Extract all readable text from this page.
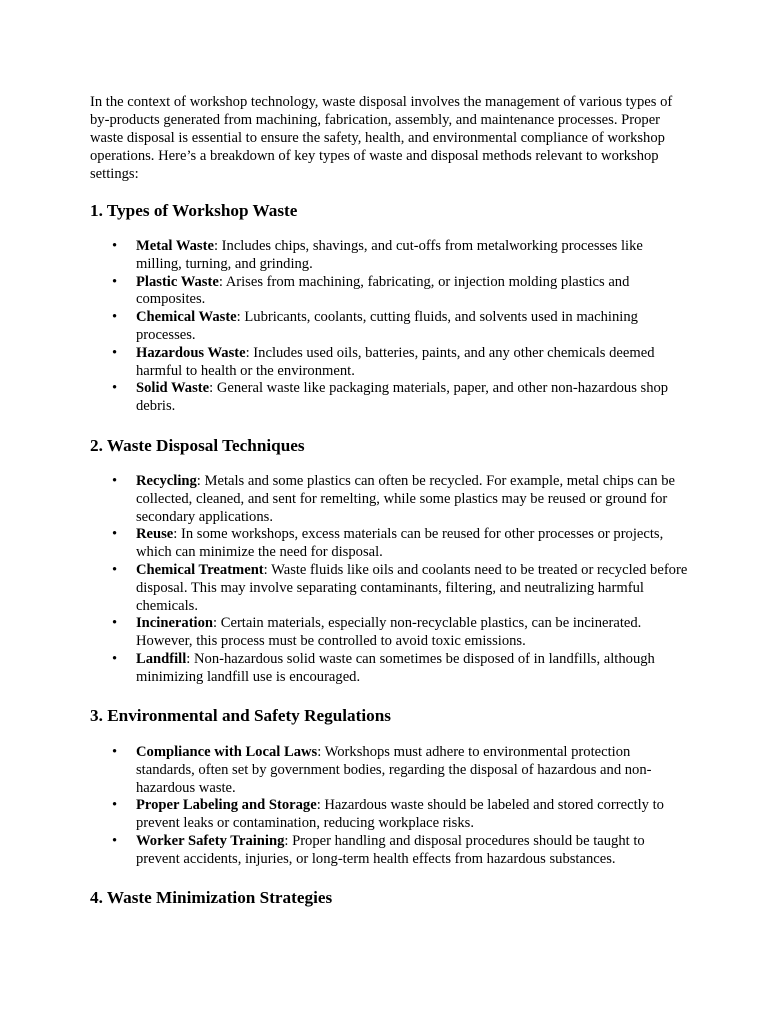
In the context of workshop technology, waste disposal involves the management of various types of by-products generated from machining, fabrication, assembly, and maintenance processes. Proper waste disposal is essential to ensure the safety, health, and environmental compliance of workshop operations. Here’s a breakdown of key types of waste and disposal methods relevant to workshop settings:

1. Types of Workshop Waste
• Metal Waste: Includes chips, shavings, and cut-offs from metalworking processes like milling, turning, and grinding.
• Plastic Waste: Arises from machining, fabricating, or injection molding plastics and composites.
• Chemical Waste: Lubricants, coolants, cutting fluids, and solvents used in machining processes.
• Hazardous Waste: Includes used oils, batteries, paints, and any other chemicals deemed harmful to health or the environment.
• Solid Waste: General waste like packaging materials, paper, and other non-hazardous shop debris.
2. Waste Disposal Techniques
• Recycling: Metals and some plastics can often be recycled. For example, metal chips can be collected, cleaned, and sent for remelting, while some plastics may be reused or ground for secondary applications.
• Reuse: In some workshops, excess materials can be reused for other processes or projects, which can minimize the need for disposal.
• Chemical Treatment: Waste fluids like oils and coolants need to be treated or recycled before disposal. This may involve separating contaminants, filtering, and neutralizing harmful chemicals.
• Incineration: Certain materials, especially non-recyclable plastics, can be incinerated. However, this process must be controlled to avoid toxic emissions.
• Landfill: Non-hazardous solid waste can sometimes be disposed of in landfills, although minimizing landfill use is encouraged.
3. Environmental and Safety Regulations
• Compliance with Local Laws: Workshops must adhere to environmental protection standards, often set by government bodies, regarding the disposal of hazardous and non-hazardous waste.
• Proper Labeling and Storage: Hazardous waste should be labeled and stored correctly to prevent leaks or contamination, reducing workplace risks.
• Worker Safety Training: Proper handling and disposal procedures should be taught to prevent accidents, injuries, or long-term health effects from hazardous substances.
4. Waste Minimization Strategies
